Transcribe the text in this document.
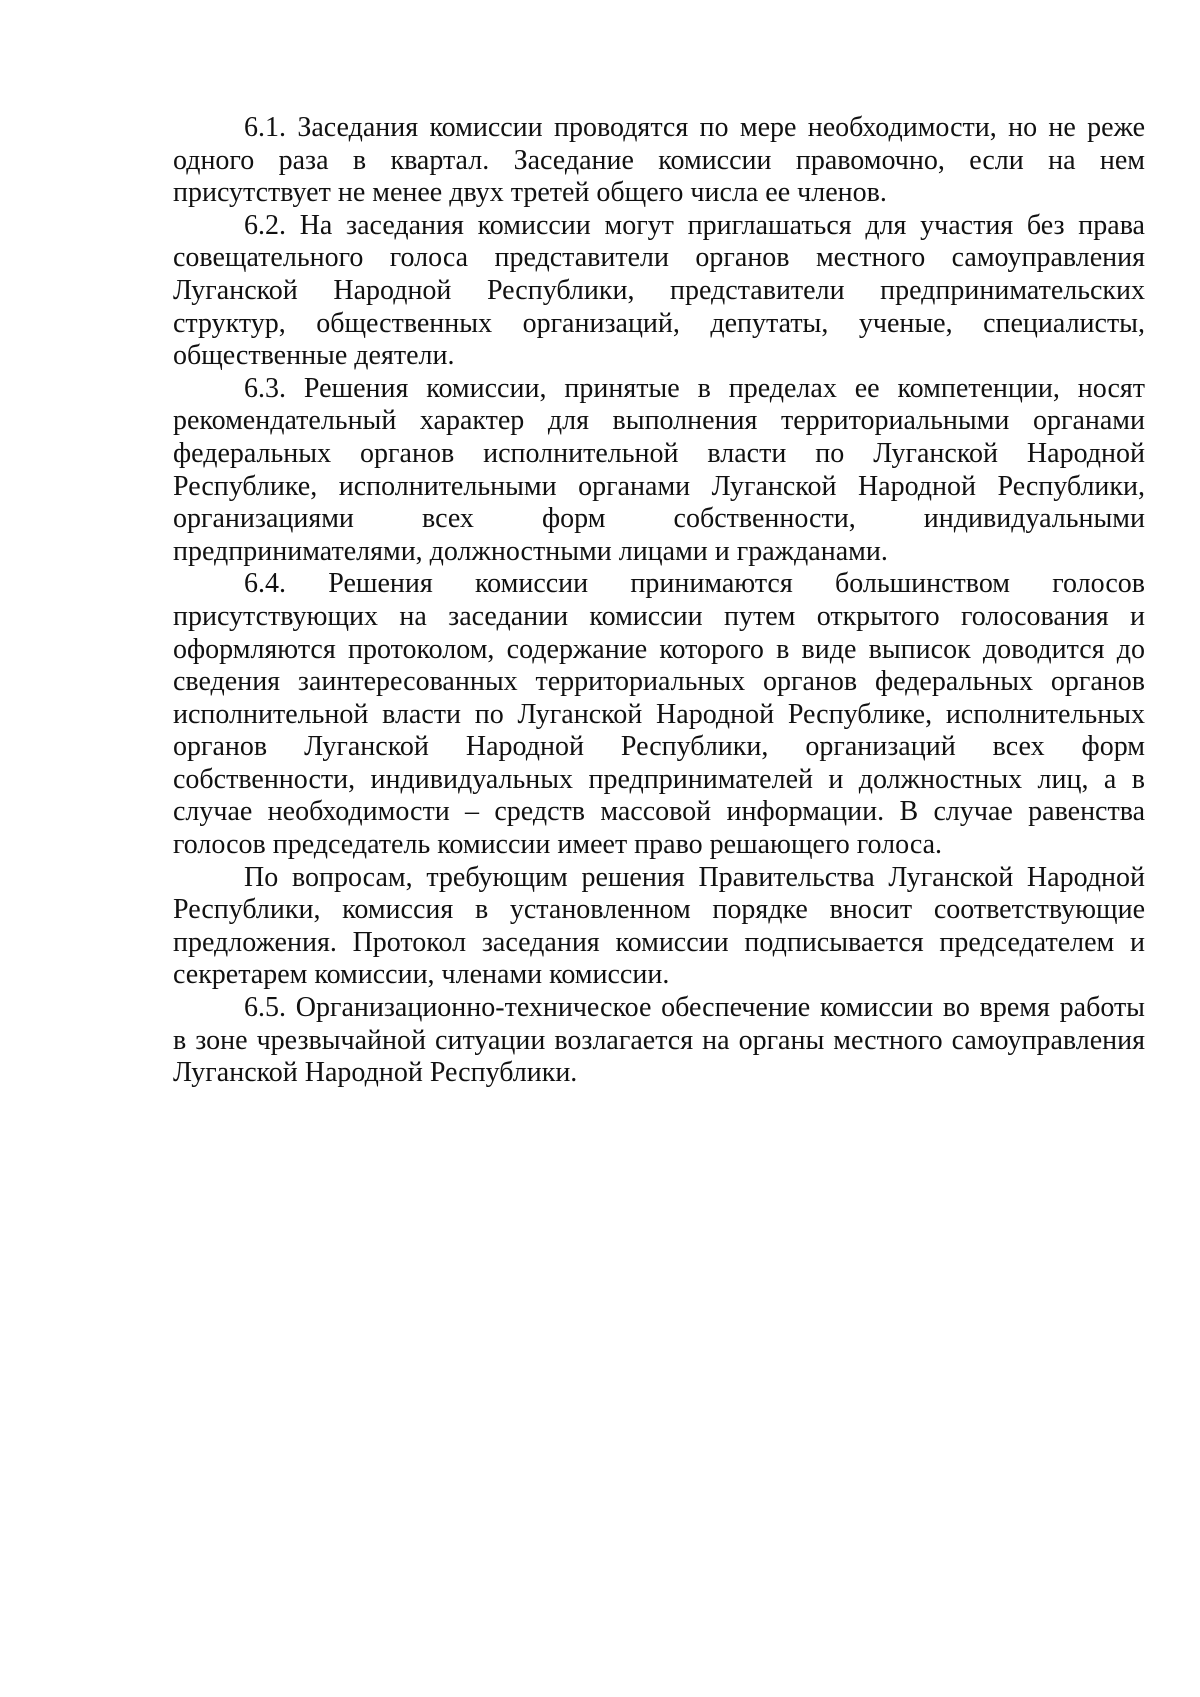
6.1. Заседания комиссии проводятся по мере необходимости, но не реже одного раза в квартал. Заседание комиссии правомочно, если на нем присутствует не менее двух третей общего числа ее членов.

6.2. На заседания комиссии могут приглашаться для участия без права совещательного голоса представители органов местного самоуправления Луганской Народной Республики, представители предпринимательских структур, общественных организаций, депутаты, ученые, специалисты, общественные деятели.

6.3. Решения комиссии, принятые в пределах ее компетенции, носят рекомендательный характер для выполнения территориальными органами федеральных органов исполнительной власти по Луганской Народной Республике, исполнительными органами Луганской Народной Республики, организациями всех форм собственности, индивидуальными предпринимателями, должностными лицами и гражданами.

6.4. Решения комиссии принимаются большинством голосов присутствующих на заседании комиссии путем открытого голосования и оформляются протоколом, содержание которого в виде выписок доводится до сведения заинтересованных территориальных органов федеральных органов исполнительной власти по Луганской Народной Республике, исполнительных органов Луганской Народной Республики, организаций всех форм собственности, индивидуальных предпринимателей и должностных лиц, а в случае необходимости – средств массовой информации. В случае равенства голосов председатель комиссии имеет право решающего голоса.

По вопросам, требующим решения Правительства Луганской Народной Республики, комиссия в установленном порядке вносит соответствующие предложения. Протокол заседания комиссии подписывается председателем и секретарем комиссии, членами комиссии.

6.5. Организационно-техническое обеспечение комиссии во время работы в зоне чрезвычайной ситуации возлагается на органы местного самоуправления Луганской Народной Республики.
